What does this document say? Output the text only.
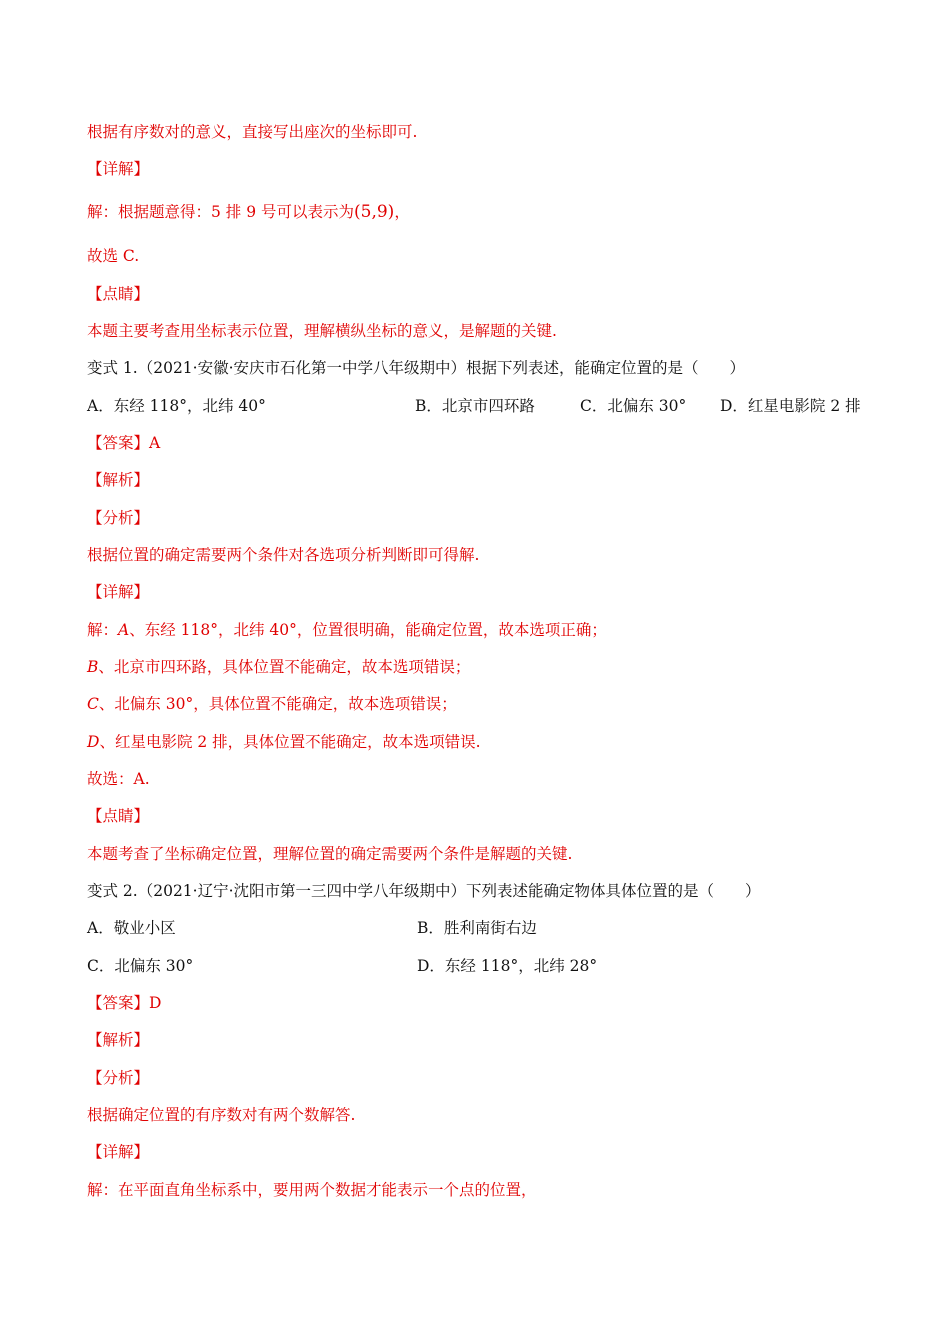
根据有序数对的意义，直接写出座次的坐标即可.
【详解】
解：根据题意得：5 排 9 号可以表示为(5,9)，
故选 C.
【点睛】
本题主要考查用坐标表示位置，理解横纵坐标的意义，是解题的关键.
变式 1.（2021·安徽·安庆市石化第一中学八年级期中）根据下列表述，能确定位置的是（　　）
A．东经 118°，北纬 40°	B．北京市四环路	C．北偏东 30° D．红星电影院 2 排
【答案】A
【解析】
【分析】
根据位置的确定需要两个条件对各选项分析判断即可得解.
【详解】
解：A、东经 118°，北纬 40°，位置很明确，能确定位置，故本选项正确；
B、北京市四环路，具体位置不能确定，故本选项错误；
C、北偏东 30°，具体位置不能确定，故本选项错误；
D、红星电影院 2 排，具体位置不能确定，故本选项错误.
故选：A.
【点睛】
本题考查了坐标确定位置，理解位置的确定需要两个条件是解题的关键.
变式 2.（2021·辽宁·沈阳市第一三四中学八年级期中）下列表述能确定物体具体位置的是（　　）
A．敬业小区	B．胜利南街右边
C．北偏东 30°	D．东经 118°，北纬 28°
【答案】D
【解析】
【分析】
根据确定位置的有序数对有两个数解答.
【详解】
解：在平面直角坐标系中，要用两个数据才能表示一个点的位置，
